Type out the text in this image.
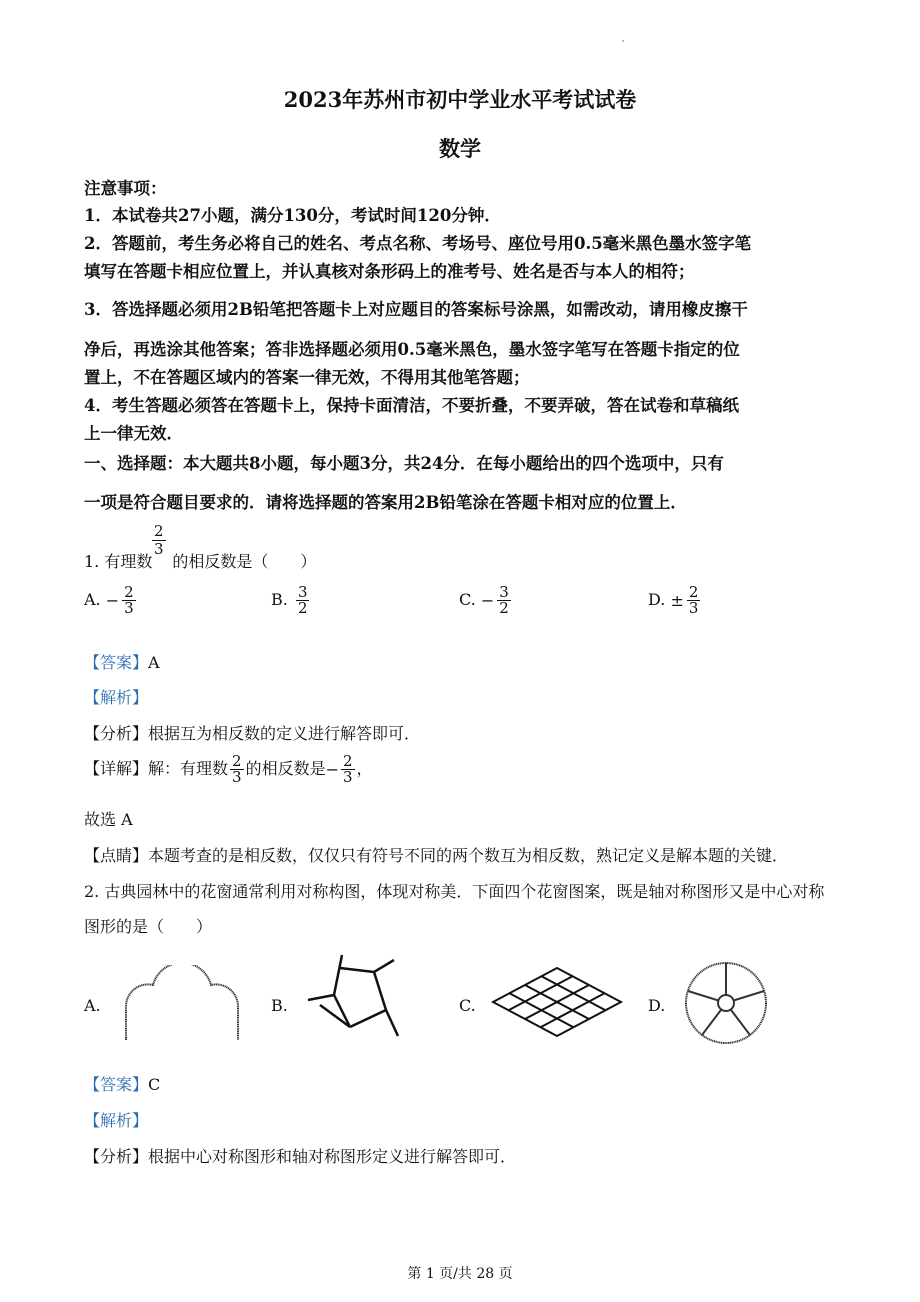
2023年苏州市初中学业水平考试试卷
数学
注意事项：
1．本试卷共27小题，满分130分，考试时间120分钟．
2．答题前，考生务必将自己的姓名、考点名称、考场号、座位号用0.5毫米黑色墨水签字笔
填写在答题卡相应位置上，并认真核对条形码上的准考号、姓名是否与本人的相符；
3．答选择题必须用2B铅笔把答题卡上对应题目的答案标号涂黑，如需改动，请用橡皮擦干
净后，再选涂其他答案；答非选择题必须用0.5毫米黑色，墨水签字笔写在答题卡指定的位
置上，不在答题区域内的答案一律无效，不得用其他笔答题；
4．考生答题必须答在答题卡上，保持卡面清洁，不要折叠，不要弄破，答在试卷和草稿纸
上一律无效．
一、选择题：本大题共8小题，每小题3分，共24分．在每小题给出的四个选项中，只有
一项是符合题目要求的．请将选择题的答案用2B铅笔涂在答题卡相对应的位置上．
1. 有理数 的相反数是（　　）
$\frac{2}{3}$
A. − $\frac{2}{3}$	B. $\frac{3}{2}$	C. − $\frac{3}{2}$	D. ± $\frac{2}{3}$
【答案】A
【解析】
【分析】根据互为相反数的定义进行解答即可．
【详解】解：有理数 $\frac{2}{3}$ 的相反数是− $\frac{2}{3}$ ，
故选 A
【点睛】本题考查的是相反数，仅仅只有符号不同的两个数互为相反数，熟记定义是解本题的关键．
2. 古典园林中的花窗通常利用对称构图，体现对称美．下面四个花窗图案，既是轴对称图形又是中心对称
图形的是（　　）
A.	B.	C.	D.
【答案】C
【解析】
【分析】根据中心对称图形和轴对称图形定义进行解答即可．
第 1 页/共 28 页
